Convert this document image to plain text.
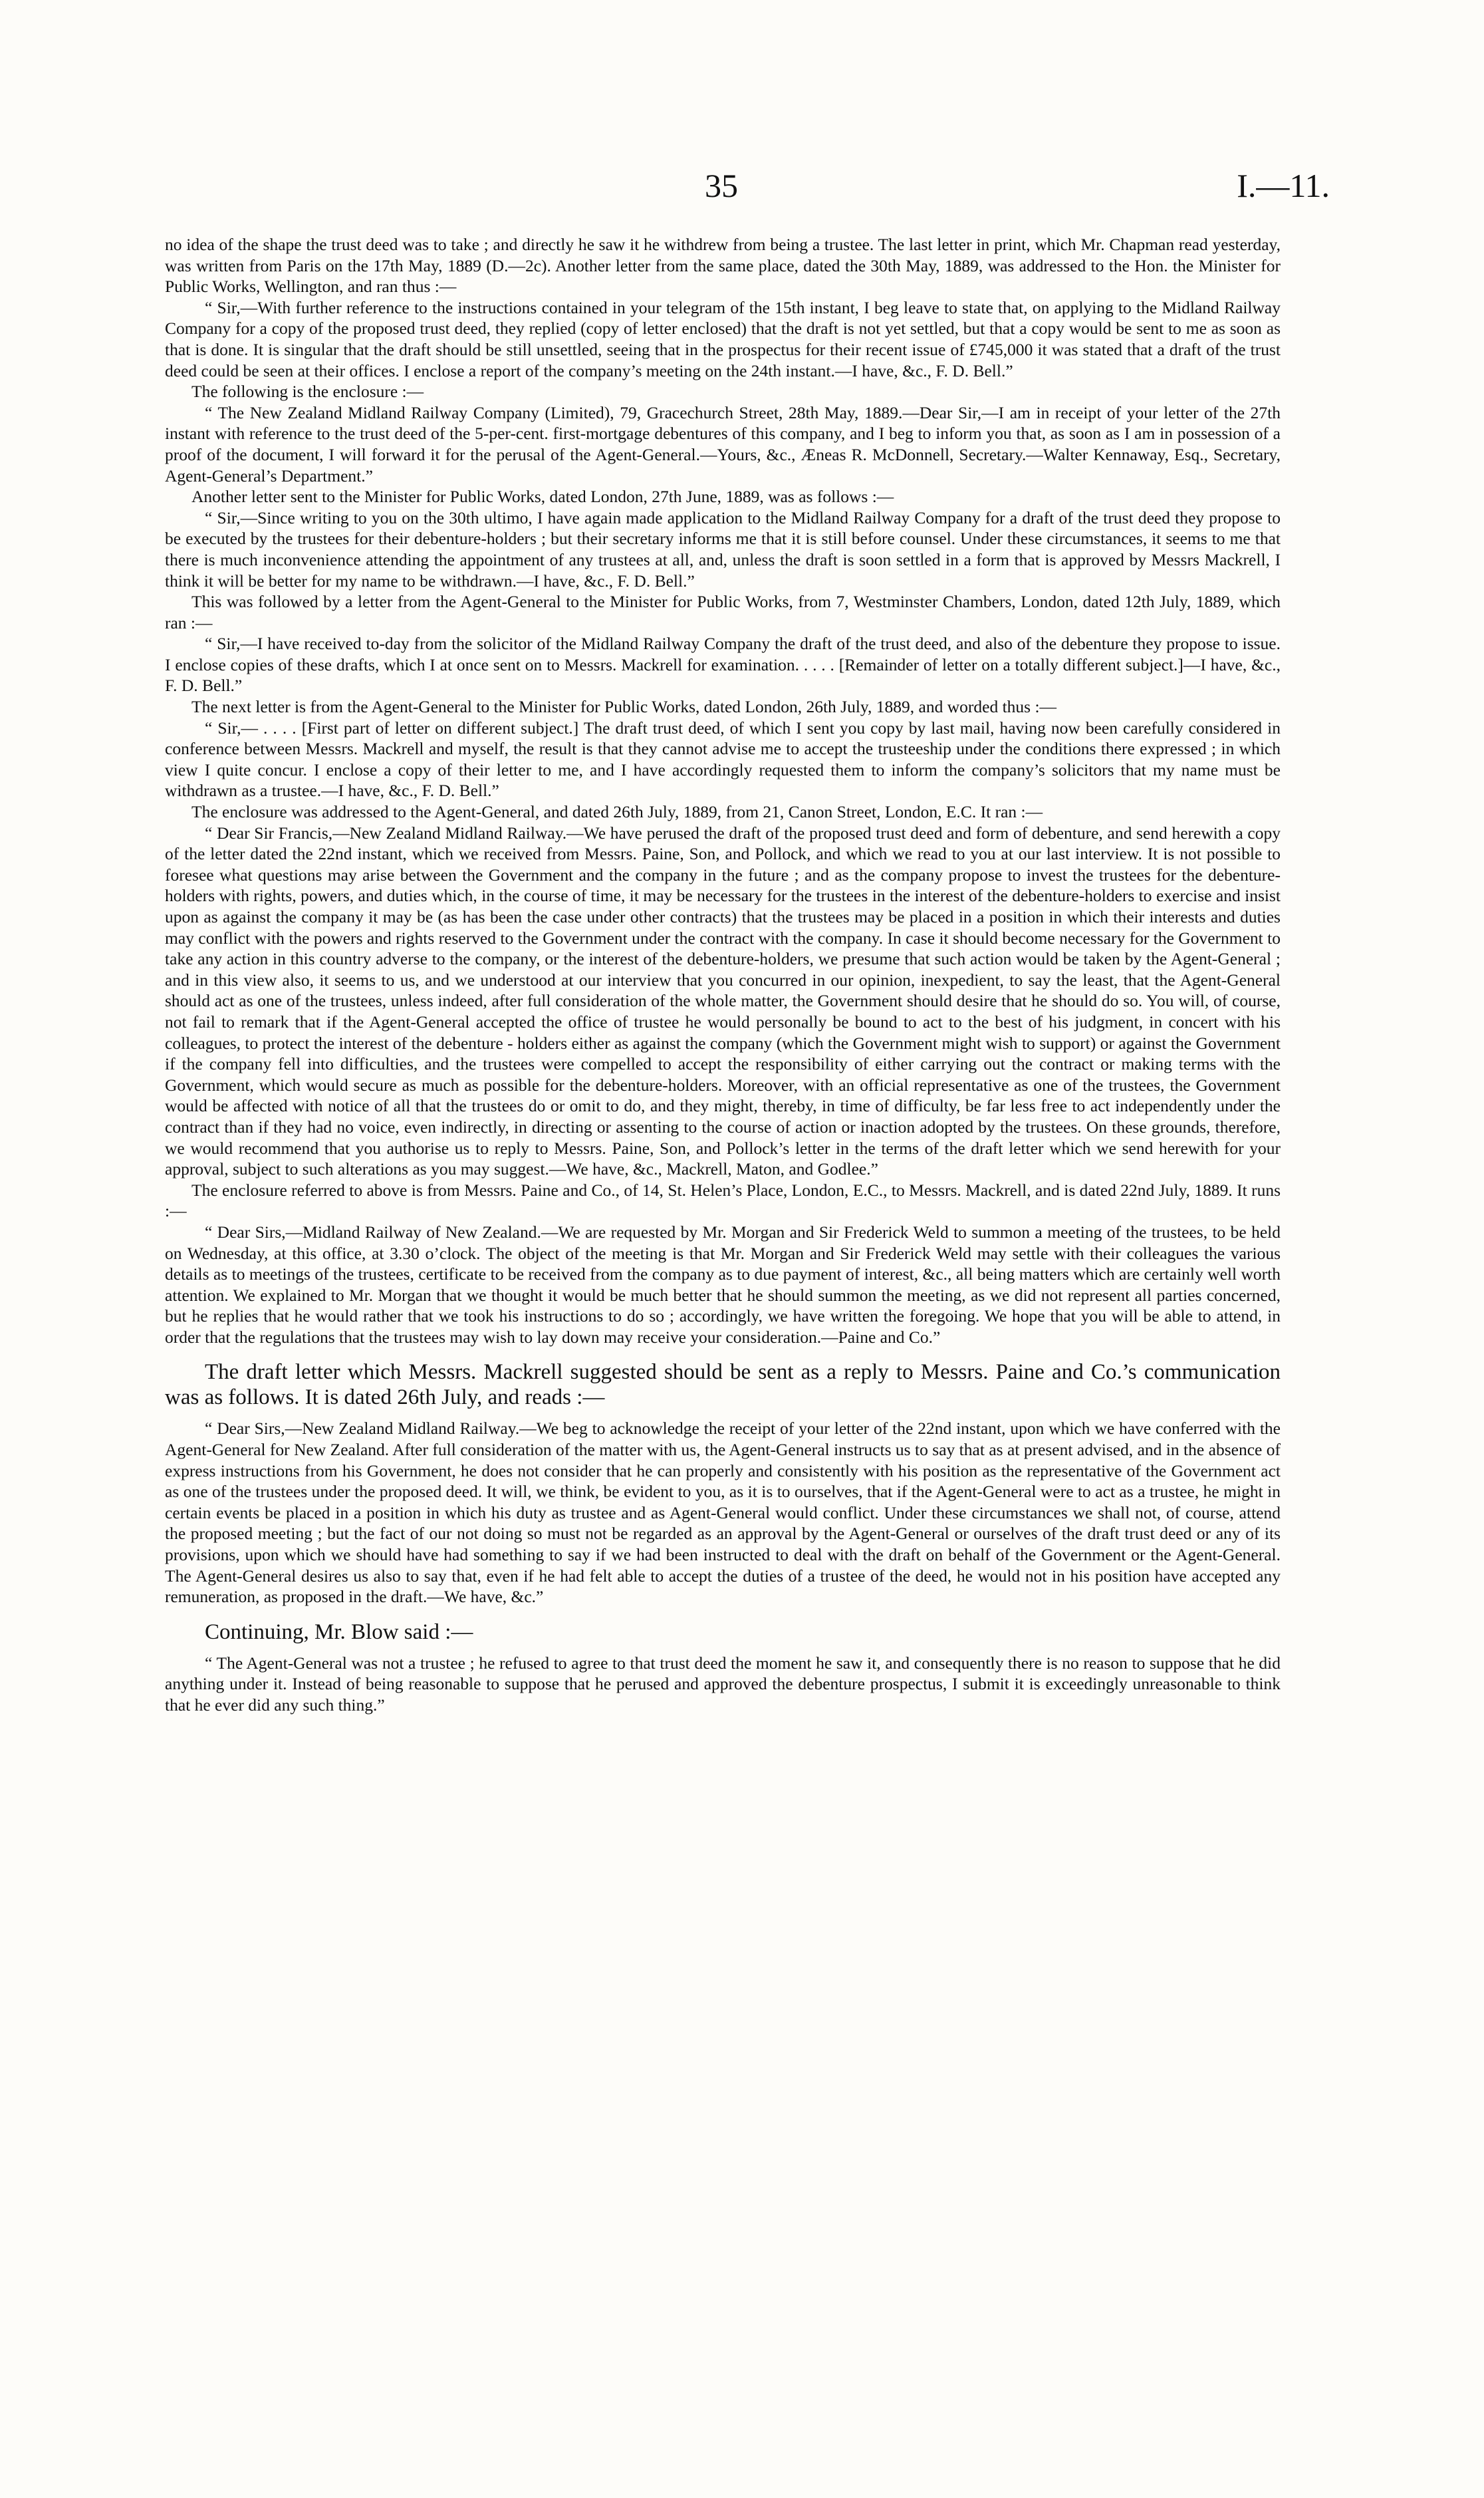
35	I.—11.

no idea of the shape the trust deed was to take ; and directly he saw it he withdrew from being a trustee. The last letter in print, which Mr. Chapman read yesterday, was written from Paris on the 17th May, 1889 (D.—2c). Another letter from the same place, dated the 30th May, 1889, was addressed to the Hon. the Minister for Public Works, Wellington, and ran thus :—

“ Sir,—With further reference to the instructions contained in your telegram of the 15th instant, I beg leave to state that, on applying to the Midland Railway Company for a copy of the proposed trust deed, they replied (copy of letter enclosed) that the draft is not yet settled, but that a copy would be sent to me as soon as that is done. It is singular that the draft should be still unsettled, seeing that in the prospectus for their recent issue of £745,000 it was stated that a draft of the trust deed could be seen at their offices. I enclose a report of the company’s meeting on the 24th instant.—I have, &c., F. D. Bell.”

The following is the enclosure :—

“ The New Zealand Midland Railway Company (Limited), 79, Gracechurch Street, 28th May, 1889.—Dear Sir,—I am in receipt of your letter of the 27th instant with reference to the trust deed of the 5-per-cent. first-mortgage debentures of this company, and I beg to inform you that, as soon as I am in possession of a proof of the document, I will forward it for the perusal of the Agent-General.—Yours, &c., Æneas R. McDonnell, Secretary.—Walter Kennaway, Esq., Secretary, Agent-General’s Department.”

Another letter sent to the Minister for Public Works, dated London, 27th June, 1889, was as follows :—

“ Sir,—Since writing to you on the 30th ultimo, I have again made application to the Midland Railway Company for a draft of the trust deed they propose to be executed by the trustees for their debenture-holders ; but their secretary informs me that it is still before counsel. Under these circumstances, it seems to me that there is much inconvenience attending the appointment of any trustees at all, and, unless the draft is soon settled in a form that is approved by Messrs Mackrell, I think it will be better for my name to be withdrawn.—I have, &c., F. D. Bell.”

This was followed by a letter from the Agent-General to the Minister for Public Works, from 7, Westminster Chambers, London, dated 12th July, 1889, which ran :—

“ Sir,—I have received to-day from the solicitor of the Midland Railway Company the draft of the trust deed, and also of the debenture they propose to issue. I enclose copies of these drafts, which I at once sent on to Messrs. Mackrell for examination. . . . . [Remainder of letter on a totally different subject.]—I have, &c., F. D. Bell.”

The next letter is from the Agent-General to the Minister for Public Works, dated London, 26th July, 1889, and worded thus :—

“ Sir,— . . . . [First part of letter on different subject.] The draft trust deed, of which I sent you copy by last mail, having now been carefully considered in conference between Messrs. Mackrell and myself, the result is that they cannot advise me to accept the trusteeship under the conditions there expressed ; in which view I quite concur. I enclose a copy of their letter to me, and I have accordingly requested them to inform the company’s solicitors that my name must be withdrawn as a trustee.—I have, &c., F. D. Bell.”

The enclosure was addressed to the Agent-General, and dated 26th July, 1889, from 21, Canon Street, London, E.C. It ran :—

“ Dear Sir Francis,—New Zealand Midland Railway.—We have perused the draft of the proposed trust deed and form of debenture, and send herewith a copy of the letter dated the 22nd instant, which we received from Messrs. Paine, Son, and Pollock, and which we read to you at our last interview. It is not possible to foresee what questions may arise between the Government and the company in the future ; and as the company propose to invest the trustees for the debenture-holders with rights, powers, and duties which, in the course of time, it may be necessary for the trustees in the interest of the debenture-holders to exercise and insist upon as against the company it may be (as has been the case under other contracts) that the trustees may be placed in a position in which their interests and duties may conflict with the powers and rights reserved to the Government under the contract with the company. In case it should become necessary for the Government to take any action in this country adverse to the company, or the interest of the debenture-holders, we presume that such action would be taken by the Agent-General ; and in this view also, it seems to us, and we understood at our interview that you concurred in our opinion, inexpedient, to say the least, that the Agent-General should act as one of the trustees, unless indeed, after full consideration of the whole matter, the Government should desire that he should do so. You will, of course, not fail to remark that if the Agent-General accepted the office of trustee he would personally be bound to act to the best of his judgment, in concert with his colleagues, to protect the interest of the debenture - holders either as against the company (which the Government might wish to support) or against the Government if the company fell into difficulties, and the trustees were compelled to accept the responsibility of either carrying out the contract or making terms with the Government, which would secure as much as possible for the debenture-holders. Moreover, with an official representative as one of the trustees, the Government would be affected with notice of all that the trustees do or omit to do, and they might, thereby, in time of difficulty, be far less free to act independently under the contract than if they had no voice, even indirectly, in directing or assenting to the course of action or inaction adopted by the trustees. On these grounds, therefore, we would recommend that you authorise us to reply to Messrs. Paine, Son, and Pollock’s letter in the terms of the draft letter which we send herewith for your approval, subject to such alterations as you may suggest.—We have, &c., Mackrell, Maton, and Godlee.”

The enclosure referred to above is from Messrs. Paine and Co., of 14, St. Helen’s Place, London, E.C., to Messrs. Mackrell, and is dated 22nd July, 1889. It runs :—

“ Dear Sirs,—Midland Railway of New Zealand.—We are requested by Mr. Morgan and Sir Frederick Weld to summon a meeting of the trustees, to be held on Wednesday, at this office, at 3.30 o’clock. The object of the meeting is that Mr. Morgan and Sir Frederick Weld may settle with their colleagues the various details as to meetings of the trustees, certificate to be received from the company as to due payment of interest, &c., all being matters which are certainly well worth attention. We explained to Mr. Morgan that we thought it would be much better that he should summon the meeting, as we did not represent all parties concerned, but he replies that he would rather that we took his instructions to do so ; accordingly, we have written the foregoing. We hope that you will be able to attend, in order that the regulations that the trustees may wish to lay down may receive your consideration.—Paine and Co.”

The draft letter which Messrs. Mackrell suggested should be sent as a reply to Messrs. Paine and Co.’s communication was as follows. It is dated 26th July, and reads :—

“ Dear Sirs,—New Zealand Midland Railway.—We beg to acknowledge the receipt of your letter of the 22nd instant, upon which we have conferred with the Agent-General for New Zealand. After full consideration of the matter with us, the Agent-General instructs us to say that as at present advised, and in the absence of express instructions from his Government, he does not consider that he can properly and consistently with his position as the representative of the Government act as one of the trustees under the proposed deed. It will, we think, be evident to you, as it is to ourselves, that if the Agent-General were to act as a trustee, he might in certain events be placed in a position in which his duty as trustee and as Agent-General would conflict. Under these circumstances we shall not, of course, attend the proposed meeting ; but the fact of our not doing so must not be regarded as an approval by the Agent-General or ourselves of the draft trust deed or any of its provisions, upon which we should have had something to say if we had been instructed to deal with the draft on behalf of the Government or the Agent-General. The Agent-General desires us also to say that, even if he had felt able to accept the duties of a trustee of the deed, he would not in his position have accepted any remuneration, as proposed in the draft.—We have, &c.”

Continuing, Mr. Blow said :—

“ The Agent-General was not a trustee ; he refused to agree to that trust deed the moment he saw it, and consequently there is no reason to suppose that he did anything under it. Instead of being reasonable to suppose that he perused and approved the debenture prospectus, I submit it is exceedingly unreasonable to think that he ever did any such thing.”
